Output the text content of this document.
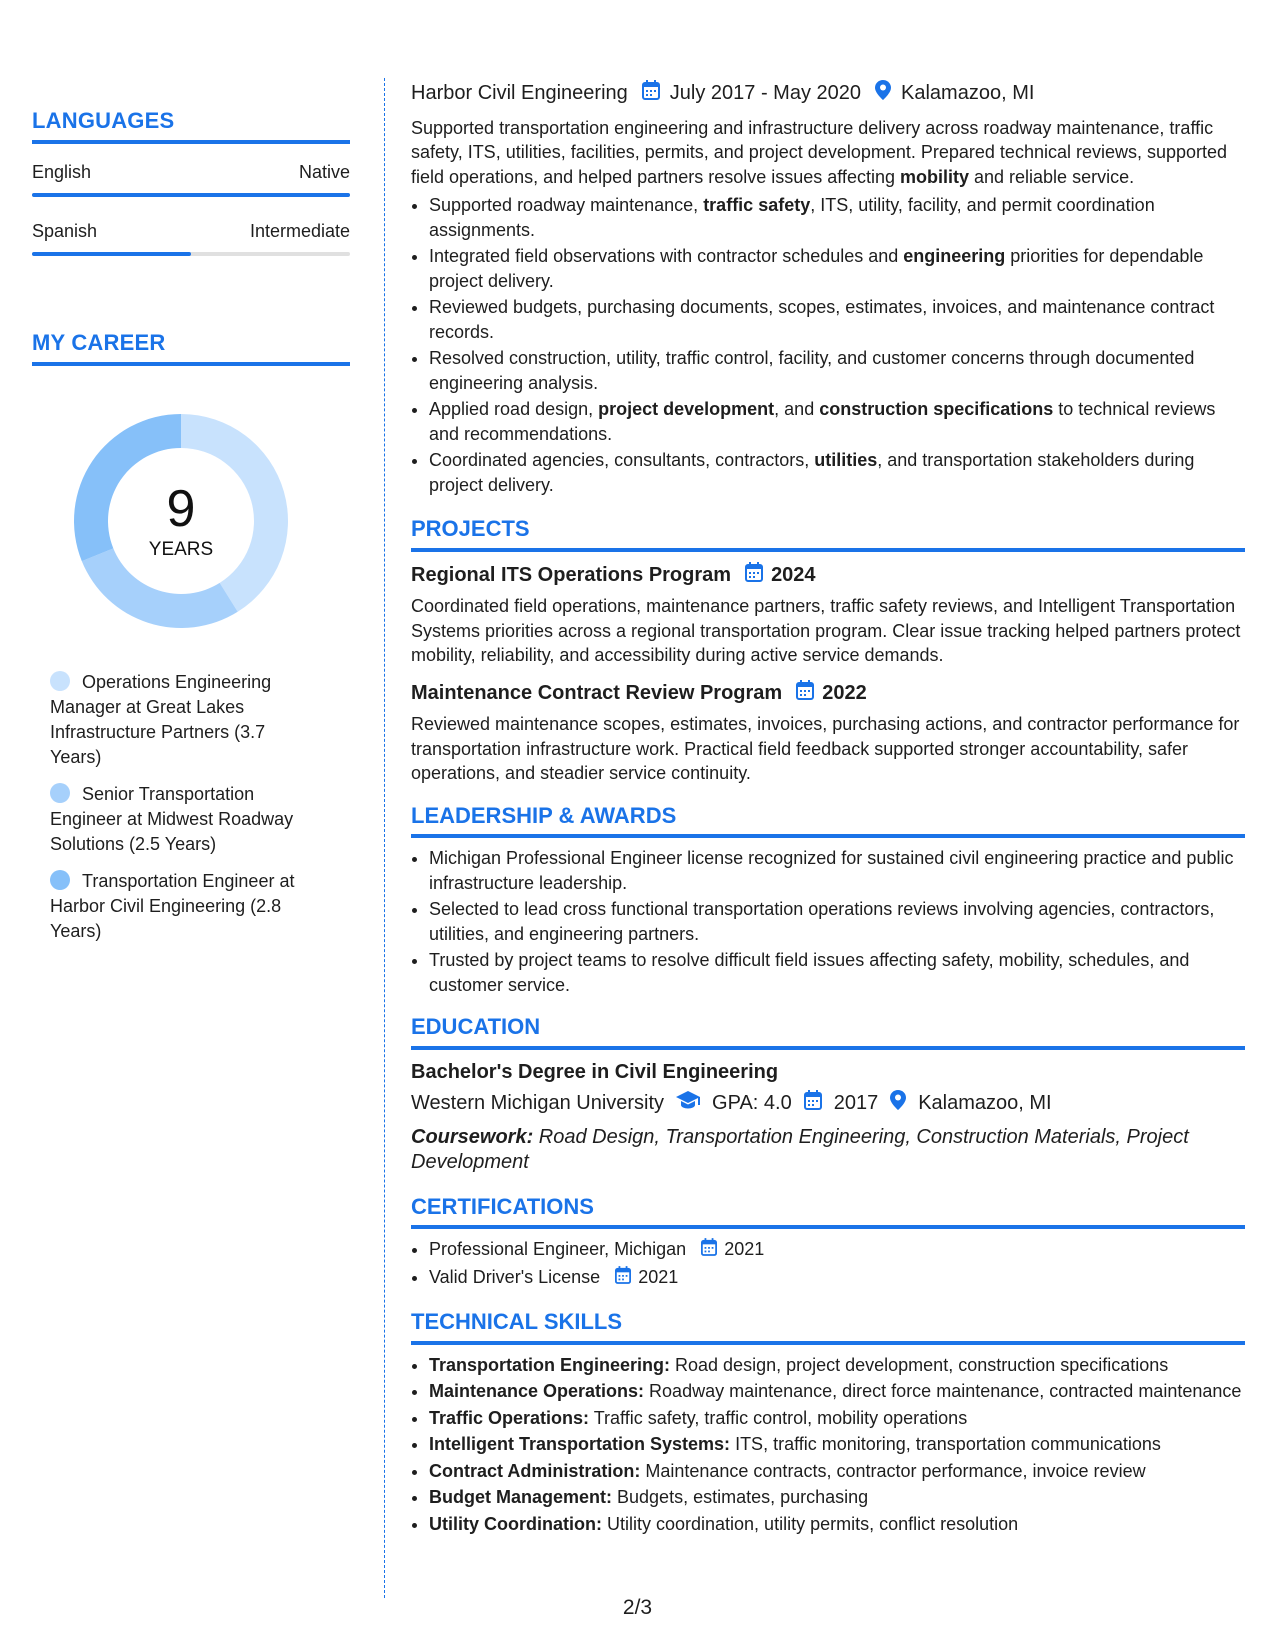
LANGUAGES
English	Native
Spanish	Intermediate
MY CAREER
9
YEARS
Operations Engineering Manager at Great Lakes Infrastructure Partners (3.7 Years)
Senior Transportation Engineer at Midwest Roadway Solutions (2.5 Years)
Transportation Engineer at Harbor Civil Engineering (2.8 Years)
Harbor Civil Engineering July 2017 - May 2020 Kalamazoo, MI

Supported transportation engineering and infrastructure delivery across roadway maintenance, traffic safety, ITS, utilities, facilities, permits, and project development. Prepared technical reviews, supported field operations, and helped partners resolve issues affecting mobility and reliable service.

• Supported roadway maintenance, traffic safety, ITS, utility, facility, and permit coordination assignments.
• Integrated field observations with contractor schedules and engineering priorities for dependable project delivery.
• Reviewed budgets, purchasing documents, scopes, estimates, invoices, and maintenance contract records.
• Resolved construction, utility, traffic control, facility, and customer concerns through documented engineering analysis.
• Applied road design, project development, and construction specifications to technical reviews and recommendations.
• Coordinated agencies, consultants, contractors, utilities, and transportation stakeholders during project delivery.
PROJECTS
Regional ITS Operations Program 2024

Coordinated field operations, maintenance partners, traffic safety reviews, and Intelligent Transportation Systems priorities across a regional transportation program. Clear issue tracking helped partners protect mobility, reliability, and accessibility during active service demands.

Maintenance Contract Review Program 2022

Reviewed maintenance scopes, estimates, invoices, purchasing actions, and contractor performance for transportation infrastructure work. Practical field feedback supported stronger accountability, safer operations, and steadier service continuity.

LEADERSHIP & AWARDS
• Michigan Professional Engineer license recognized for sustained civil engineering practice and public infrastructure leadership.
• Selected to lead cross functional transportation operations reviews involving agencies, contractors, utilities, and engineering partners.
• Trusted by project teams to resolve difficult field issues affecting safety, mobility, schedules, and customer service.
EDUCATION
Bachelor's Degree in Civil Engineering
Western Michigan University GPA: 4.0 2017 Kalamazoo, MI
Coursework: Road Design, Transportation Engineering, Construction Materials, Project Development
CERTIFICATIONS
• Professional Engineer, Michigan 2021
• Valid Driver's License 2021
TECHNICAL SKILLS
• Transportation Engineering: Road design, project development, construction specifications
• Maintenance Operations: Roadway maintenance, direct force maintenance, contracted maintenance
• Traffic Operations: Traffic safety, traffic control, mobility operations
• Intelligent Transportation Systems: ITS, traffic monitoring, transportation communications
• Contract Administration: Maintenance contracts, contractor performance, invoice review
• Budget Management: Budgets, estimates, purchasing
• Utility Coordination: Utility coordination, utility permits, conflict resolution
2/3
